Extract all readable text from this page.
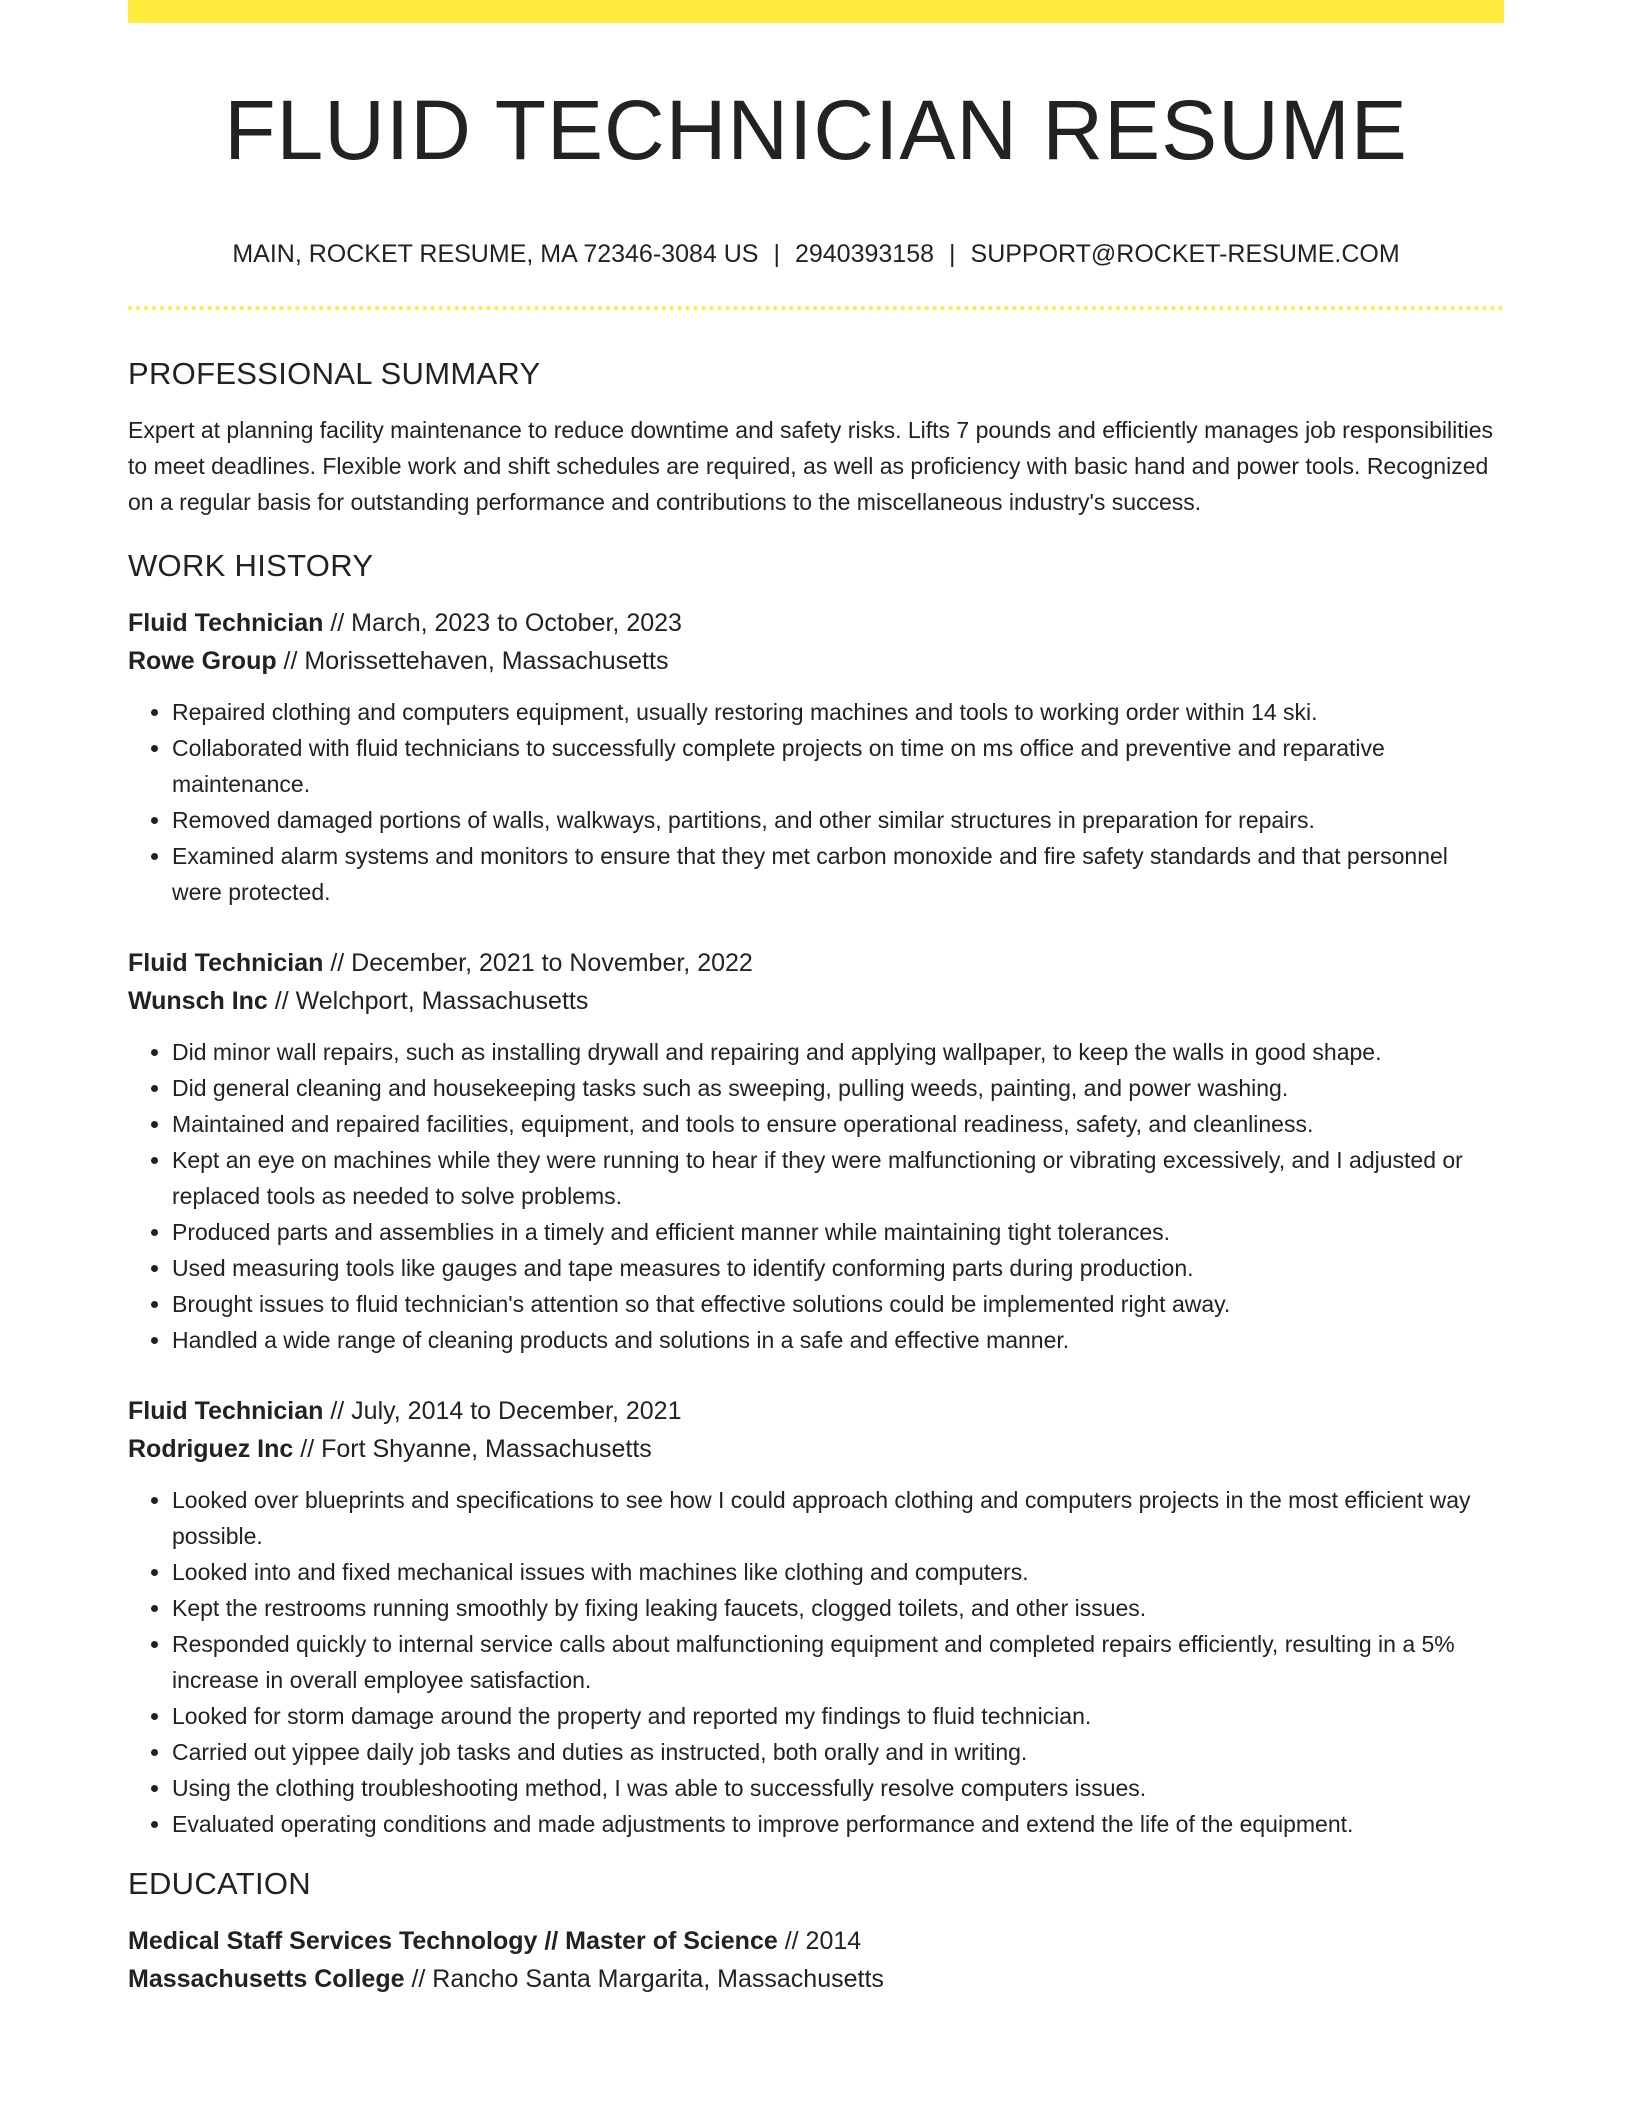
FLUID TECHNICIAN RESUME
MAIN, ROCKET RESUME, MA 72346-3084 US | 2940393158 | SUPPORT@ROCKET-RESUME.COM
PROFESSIONAL SUMMARY

Expert at planning facility maintenance to reduce downtime and safety risks. Lifts 7 pounds and efficiently manages job responsibilities to meet deadlines. Flexible work and shift schedules are required, as well as proficiency with basic hand and power tools. Recognized on a regular basis for outstanding performance and contributions to the miscellaneous industry's success.

WORK HISTORY

Fluid Technician // March, 2023 to October, 2023

Rowe Group // Morissettehaven, Massachusetts

• Repaired clothing and computers equipment, usually restoring machines and tools to working order within 14 ski.
• Collaborated with fluid technicians to successfully complete projects on time on ms office and preventive and reparative maintenance.
• Removed damaged portions of walls, walkways, partitions, and other similar structures in preparation for repairs.
• Examined alarm systems and monitors to ensure that they met carbon monoxide and fire safety standards and that personnel were protected.

Fluid Technician // December, 2021 to November, 2022

Wunsch Inc // Welchport, Massachusetts

• Did minor wall repairs, such as installing drywall and repairing and applying wallpaper, to keep the walls in good shape.
• Did general cleaning and housekeeping tasks such as sweeping, pulling weeds, painting, and power washing.
• Maintained and repaired facilities, equipment, and tools to ensure operational readiness, safety, and cleanliness.
• Kept an eye on machines while they were running to hear if they were malfunctioning or vibrating excessively, and I adjusted or replaced tools as needed to solve problems.
• Produced parts and assemblies in a timely and efficient manner while maintaining tight tolerances.
• Used measuring tools like gauges and tape measures to identify conforming parts during production.
• Brought issues to fluid technician's attention so that effective solutions could be implemented right away.
• Handled a wide range of cleaning products and solutions in a safe and effective manner.

Fluid Technician // July, 2014 to December, 2021

Rodriguez Inc // Fort Shyanne, Massachusetts

• Looked over blueprints and specifications to see how I could approach clothing and computers projects in the most efficient way possible.
• Looked into and fixed mechanical issues with machines like clothing and computers.
• Kept the restrooms running smoothly by fixing leaking faucets, clogged toilets, and other issues.
• Responded quickly to internal service calls about malfunctioning equipment and completed repairs efficiently, resulting in a 5% increase in overall employee satisfaction.
• Looked for storm damage around the property and reported my findings to fluid technician.
• Carried out yippee daily job tasks and duties as instructed, both orally and in writing.
• Using the clothing troubleshooting method, I was able to successfully resolve computers issues.
• Evaluated operating conditions and made adjustments to improve performance and extend the life of the equipment.
EDUCATION

Medical Staff Services Technology // Master of Science // 2014

Massachusetts College // Rancho Santa Margarita, Massachusetts
